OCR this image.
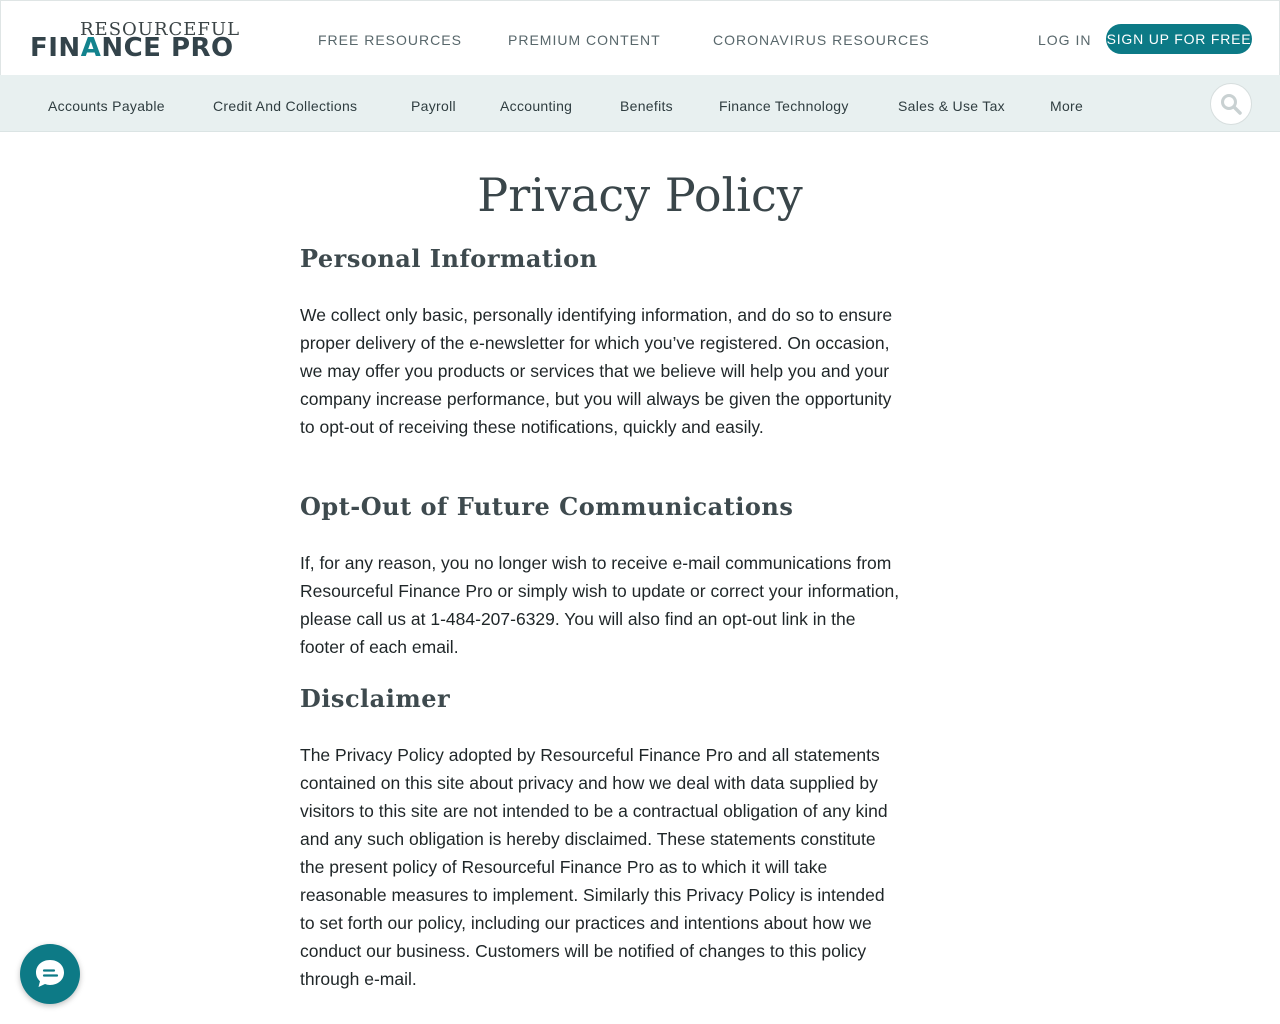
RESOURCEFUL
FINANCE PRO	FREE RESOURCES	PREMIUM CONTENT	CORONAVIRUS RESOURCES	LOG IN SIGN UP FOR FREE
Accounts Payable	Credit And Collections	Payroll	Accounting	Benefits	Finance Technology	Sales & Use Tax	More
Privacy Policy
Personal Information

We collect only basic, personally identifying information, and do so to ensure proper delivery of the e-newsletter for which you’ve registered. On occasion, we may offer you products or services that we believe will help you and your company increase performance, but you will always be given the opportunity to opt-out of receiving these notifications, quickly and easily.

Opt-Out of Future Communications

If, for any reason, you no longer wish to receive e-mail communications from Resourceful Finance Pro or simply wish to update or correct your information, please call us at 1-484-207-6329. You will also find an opt-out link in the footer of each email.

Disclaimer

The Privacy Policy adopted by Resourceful Finance Pro and all statements contained on this site about privacy and how we deal with data supplied by visitors to this site are not intended to be a contractual obligation of any kind and any such obligation is hereby disclaimed. These statements constitute the present policy of Resourceful Finance Pro as to which it will take reasonable measures to implement. Similarly this Privacy Policy is intended to set forth our policy, including our practices and intentions about how we conduct our business. Customers will be notified of changes to this policy through e-mail.
